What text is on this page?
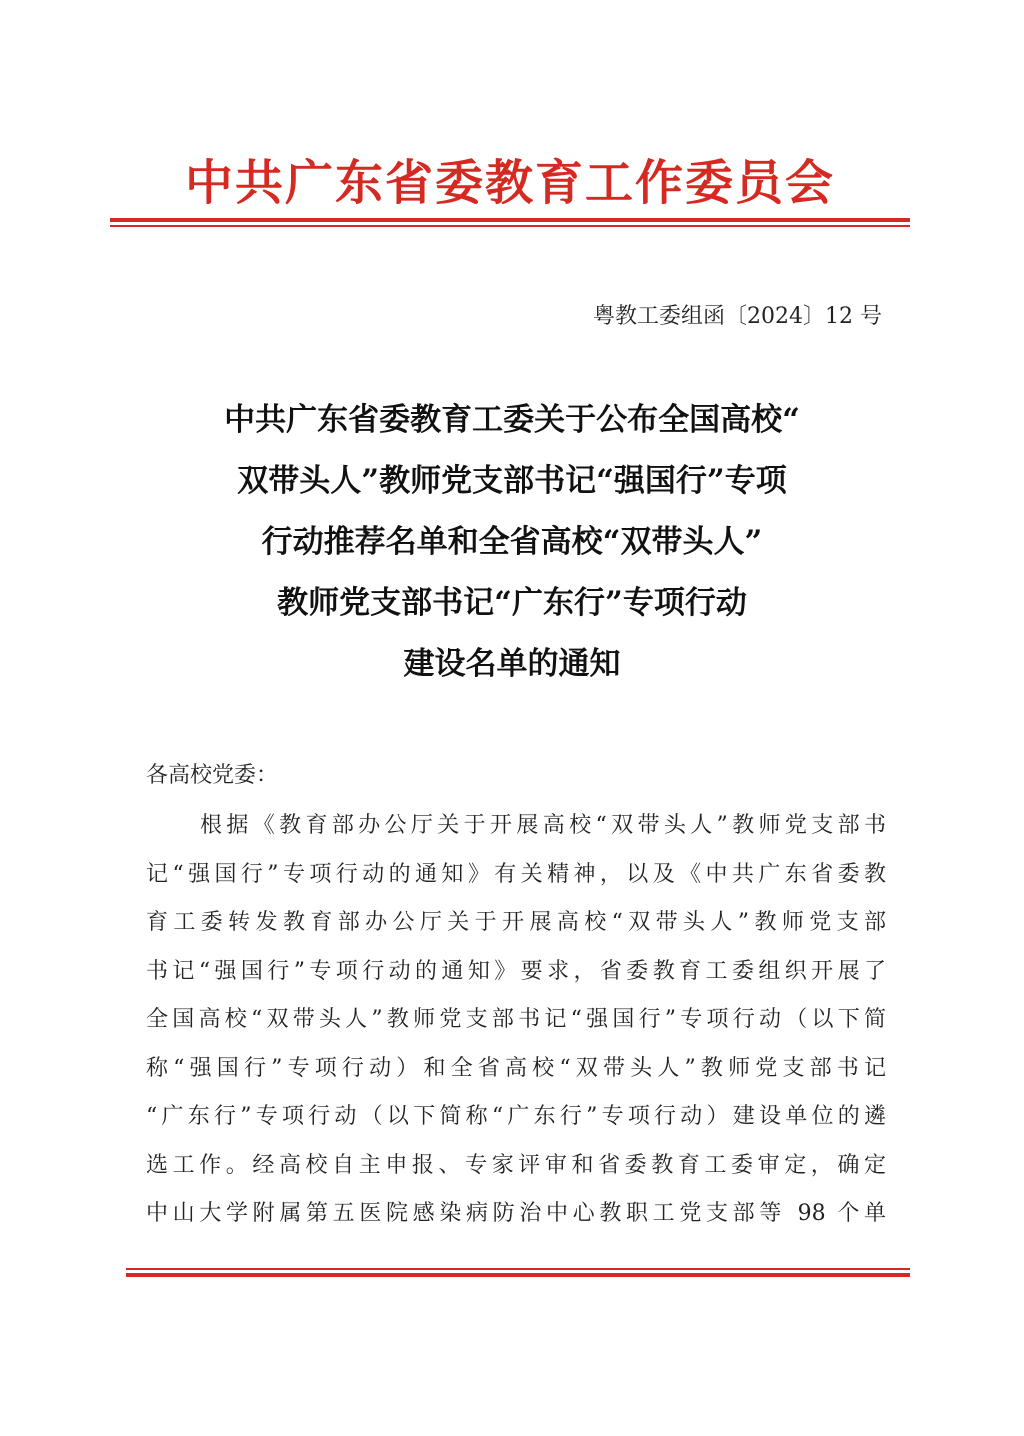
中共广东省委教育工作委员会
粤教工委组函〔2024〕12 号
中共广东省委教育工委关于公布全国高校“
双带头人”教师党支部书记“强国行”专项
行动推荐名单和全省高校“双带头人”
教师党支部书记“广东行”专项行动
建设名单的通知
各高校党委：
根据《教育部办公厅关于开展高校“双带头人”教师党支部书
记“强国行”专项行动的通知》有关精神，以及《中共广东省委教
育工委转发教育部办公厅关于开展高校“双带头人”教师党支部
书记“强国行”专项行动的通知》要求，省委教育工委组织开展了
全国高校“双带头人”教师党支部书记“强国行”专项行动（以下简
称“强国行”专项行动）和全省高校“双带头人”教师党支部书记
“广东行”专项行动（以下简称“广东行”专项行动）建设单位的遴
选工作。经高校自主申报、专家评审和省委教育工委审定，确定
中山大学附属第五医院感染病防治中心教职工党支部等 98 个单
